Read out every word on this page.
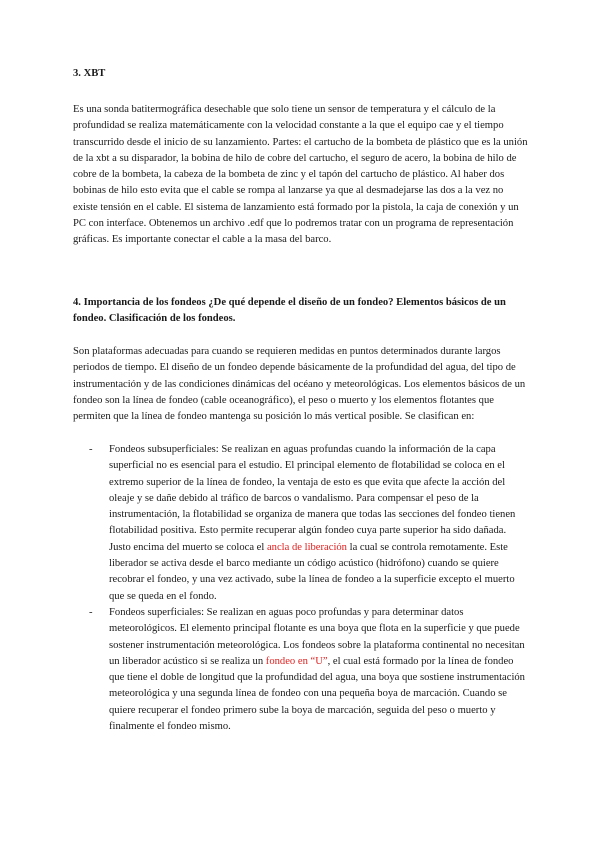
3. XBT

Es una sonda batitermográfica desechable que solo tiene un sensor de temperatura y el cálculo de la profundidad se realiza matemáticamente con la velocidad constante a la que el equipo cae y el tiempo transcurrido desde el inicio de su lanzamiento. Partes: el cartucho de la bombeta de plástico que es la unión de la xbt a su disparador, la bobina de hilo de cobre del cartucho, el seguro de acero, la bobina de hilo de cobre de la bombeta, la cabeza de la bombeta de zinc y el tapón del cartucho de plástico. Al haber dos bobinas de hilo esto evita que el cable se rompa al lanzarse ya que al desmadejarse las dos a la vez no existe tensión en el cable. El sistema de lanzamiento está formado por la pistola, la caja de conexión y un PC con interface. Obtenemos un archivo .edf que lo podremos tratar con un programa de representación gráficas. Es importante conectar el cable a la masa del barco.

4. Importancia de los fondeos ¿De qué depende el diseño de un fondeo? Elementos básicos de un fondeo. Clasificación de los fondeos.

Son plataformas adecuadas para cuando se requieren medidas en puntos determinados durante largos periodos de tiempo. El diseño de un fondeo depende básicamente de la profundidad del agua, del tipo de instrumentación y de las condiciones dinámicas del océano y meteorológicas. Los elementos básicos de un fondeo son la línea de fondeo (cable oceanográfico), el peso o muerto y los elementos flotantes que permiten que la línea de fondeo mantenga su posición lo más vertical posible. Se clasifican en:

- Fondeos subsuperficiales: Se realizan en aguas profundas cuando la información de la capa superficial no es esencial para el estudio. El principal elemento de flotabilidad se coloca en el extremo superior de la línea de fondeo, la ventaja de esto es que evita que afecte la acción del oleaje y se dañe debido al tráfico de barcos o vandalismo. Para compensar el peso de la instrumentación, la flotabilidad se organiza de manera que todas las secciones del fondeo tienen flotabilidad positiva. Esto permite recuperar algún fondeo cuya parte superior ha sido dañada. Justo encima del muerto se coloca el ancla de liberación la cual se controla remotamente. Este liberador se activa desde el barco mediante un código acústico (hidrófono) cuando se quiere recobrar el fondeo, y una vez activado, sube la línea de fondeo a la superficie excepto el muerto que se queda en el fondo.
- Fondeos superficiales: Se realizan en aguas poco profundas y para determinar datos meteorológicos. El elemento principal flotante es una boya que flota en la superficie y que puede sostener instrumentación meteorológica. Los fondeos sobre la plataforma continental no necesitan un liberador acústico si se realiza un fondeo en “U”, el cual está formado por la línea de fondeo que tiene el doble de longitud que la profundidad del agua, una boya que sostiene instrumentación meteorológica y una segunda línea de fondeo con una pequeña boya de marcación. Cuando se quiere recuperar el fondeo primero sube la boya de marcación, seguida del peso o muerto y finalmente el fondeo mismo.
